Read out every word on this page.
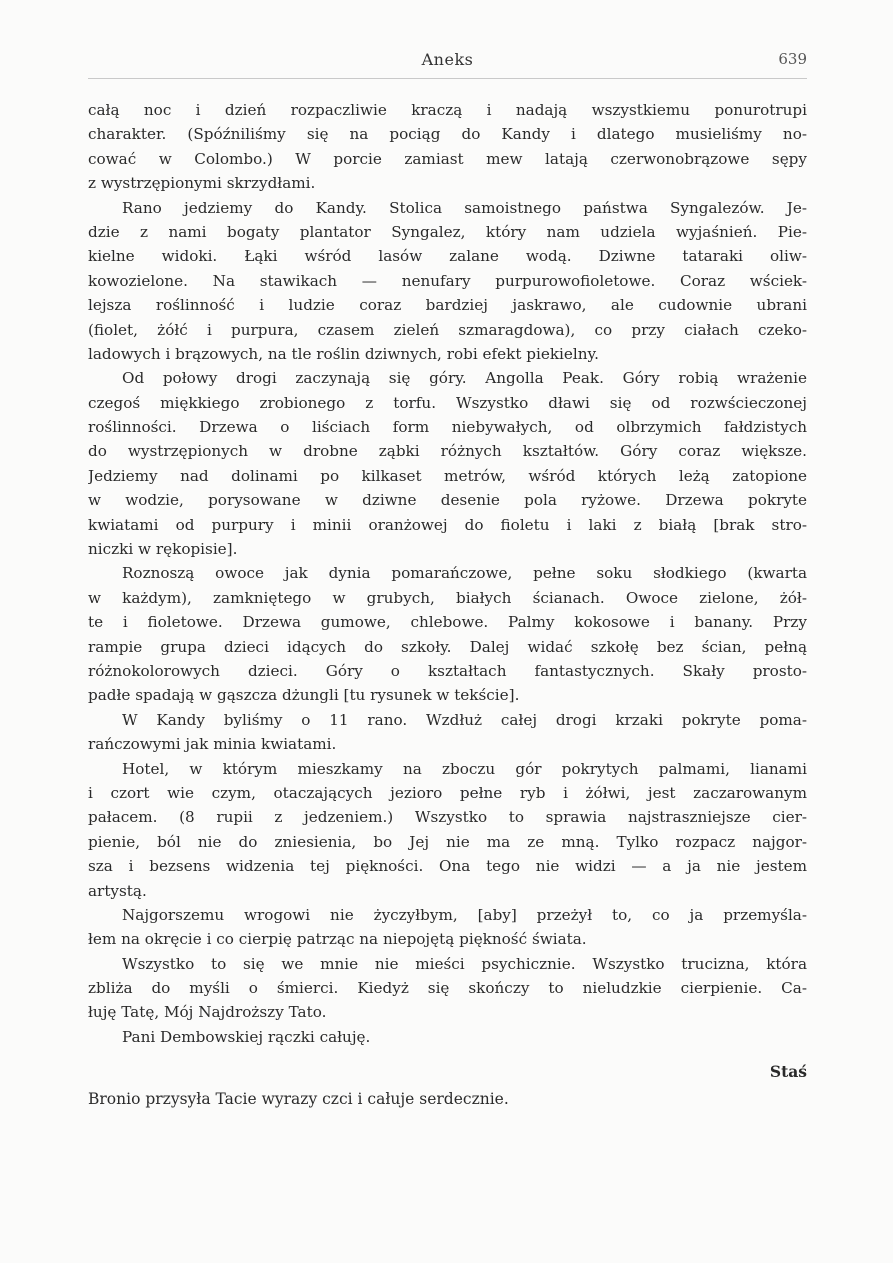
Aneks	639
całą noc i dzień rozpaczliwie kraczą i nadają wszystkiemu ponurotrupi
charakter. (Spóźniliśmy się na pociąg do Kandy i dlatego musieliśmy no-
cować w Colombo.) W porcie zamiast mew latają czerwonobrązowe sępy
z wystrzępionymi skrzydłami.
Rano jedziemy do Kandy. Stolica samoistnego państwa Syngalezów. Je-
dzie z nami bogaty plantator Syngalez, który nam udziela wyjaśnień. Pie-
kielne widoki. Łąki wśród lasów zalane wodą. Dziwne tataraki oliw-
kowozielone. Na stawikach — nenufary purpurowofioletowe. Coraz wściek-
lejsza roślinność i ludzie coraz bardziej jaskrawo, ale cudownie ubrani
(fiolet, żółć i purpura, czasem zieleń szmaragdowa), co przy ciałach czeko-
ladowych i brązowych, na tle roślin dziwnych, robi efekt piekielny.
Od połowy drogi zaczynają się góry. Angolla Peak. Góry robią wrażenie
czegoś miękkiego zrobionego z torfu. Wszystko dławi się od rozwścieczonej
roślinności. Drzewa o liściach form niebywałych, od olbrzymich fałdzistych
do wystrzępionych w drobne ząbki różnych kształtów. Góry coraz większe.
Jedziemy nad dolinami po kilkaset metrów, wśród których leżą zatopione
w wodzie, porysowane w dziwne desenie pola ryżowe. Drzewa pokryte
kwiatami od purpury i minii oranżowej do fioletu i laki z białą [brak stro-
niczki w rękopisie].
Roznoszą owoce jak dynia pomarańczowe, pełne soku słodkiego (kwarta
w każdym), zamkniętego w grubych, białych ścianach. Owoce zielone, żół-
te i fioletowe. Drzewa gumowe, chlebowe. Palmy kokosowe i banany. Przy
rampie grupa dzieci idących do szkoły. Dalej widać szkołę bez ścian, pełną
różnokolorowych dzieci. Góry o kształtach fantastycznych. Skały prosto-
padłe spadają w gąszcza dżungli [tu rysunek w tekście].
W Kandy byliśmy o 11 rano. Wzdłuż całej drogi krzaki pokryte poma-
rańczowymi jak minia kwiatami.
Hotel, w którym mieszkamy na zboczu gór pokrytych palmami, lianami
i czort wie czym, otaczających jezioro pełne ryb i żółwi, jest zaczarowanym
pałacem. (8 rupii z jedzeniem.) Wszystko to sprawia najstraszniejsze cier-
pienie, ból nie do zniesienia, bo Jej nie ma ze mną. Tylko rozpacz najgor-
sza i bezsens widzenia tej piękności. Ona tego nie widzi — a ja nie jestem
artystą.
Najgorszemu wrogowi nie życzyłbym, [aby] przeżył to, co ja przemyśla-
łem na okręcie i co cierpię patrząc na niepojętą piękność świata.
Wszystko to się we mnie nie mieści psychicznie. Wszystko trucizna, która
zbliża do myśli o śmierci. Kiedyż się skończy to nieludzkie cierpienie. Ca-
łuję Tatę, Mój Najdroższy Tato.
Pani Dembowskiej rączki całuję.
Staś
Bronio przysyła Tacie wyrazy czci i całuje serdecznie.
